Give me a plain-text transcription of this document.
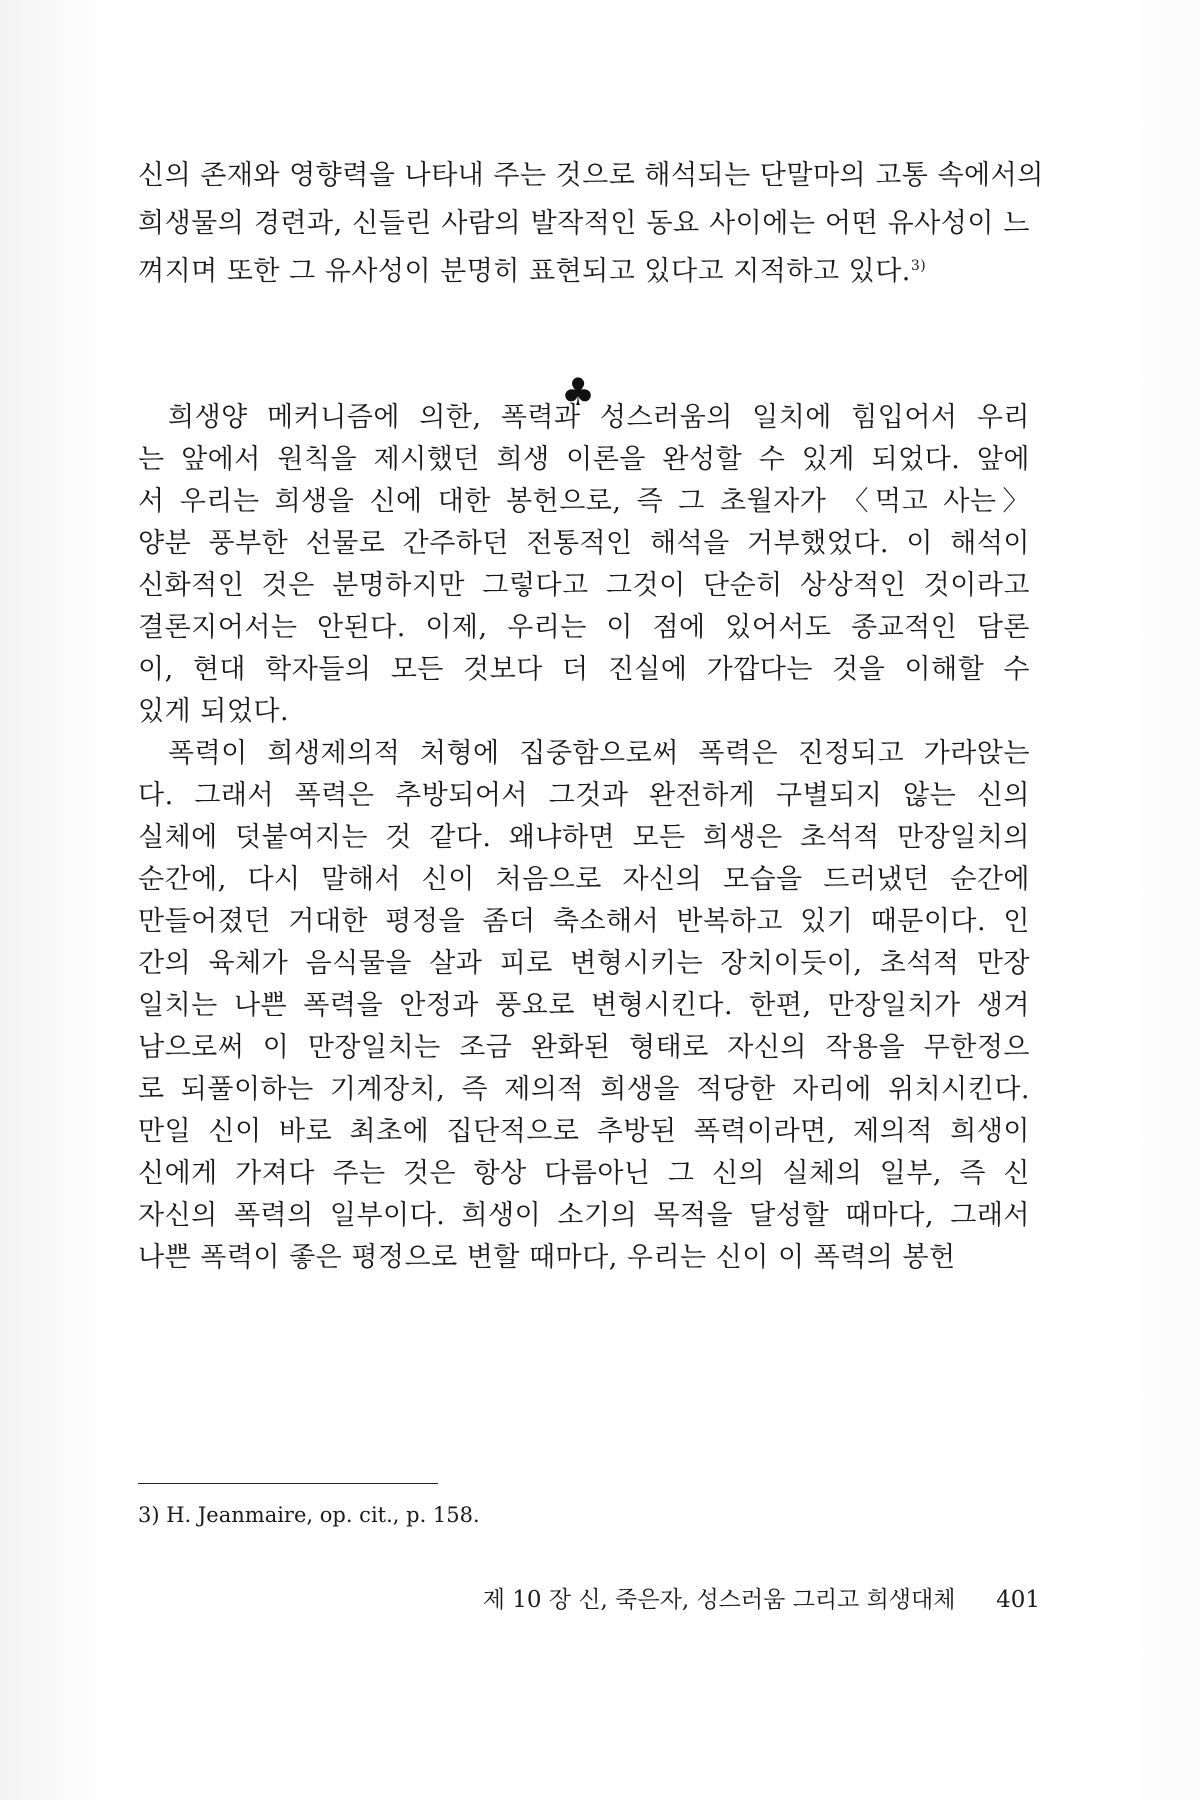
신의 존재와 영향력을 나타내 주는 것으로 해석되는 단말마의 고통 속에서의
희생물의 경련과, 신들린 사람의 발작적인 동요 사이에는 어떤 유사성이 느
껴지며 또한 그 유사성이 분명히 표현되고 있다고 지적하고 있다.$^{3)}$
♣
희생양 메커니즘에 의한, 폭력과 성스러움의 일치에 힘입어서 우리
는 앞에서 원칙을 제시했던 희생 이론을 완성할 수 있게 되었다. 앞에
서 우리는 희생을 신에 대한 봉헌으로, 즉 그 초월자가 〈먹고 사는〉
양분 풍부한 선물로 간주하던 전통적인 해석을 거부했었다. 이 해석이
신화적인 것은 분명하지만 그렇다고 그것이 단순히 상상적인 것이라고
결론지어서는 안된다. 이제, 우리는 이 점에 있어서도 종교적인 담론
이, 현대 학자들의 모든 것보다 더 진실에 가깝다는 것을 이해할 수
있게 되었다.
폭력이 희생제의적 처형에 집중함으로써 폭력은 진정되고 가라앉는
다. 그래서 폭력은 추방되어서 그것과 완전하게 구별되지 않는 신의
실체에 덧붙여지는 것 같다. 왜냐하면 모든 희생은 초석적 만장일치의
순간에, 다시 말해서 신이 처음으로 자신의 모습을 드러냈던 순간에
만들어졌던 거대한 평정을 좀더 축소해서 반복하고 있기 때문이다. 인
간의 육체가 음식물을 살과 피로 변형시키는 장치이듯이, 초석적 만장
일치는 나쁜 폭력을 안정과 풍요로 변형시킨다. 한편, 만장일치가 생겨
남으로써 이 만장일치는 조금 완화된 형태로 자신의 작용을 무한정으
로 되풀이하는 기계장치, 즉 제의적 희생을 적당한 자리에 위치시킨다.
만일 신이 바로 최초에 집단적으로 추방된 폭력이라면, 제의적 희생이
신에게 가져다 주는 것은 항상 다름아닌 그 신의 실체의 일부, 즉 신
자신의 폭력의 일부이다. 희생이 소기의 목적을 달성할 때마다, 그래서
나쁜 폭력이 좋은 평정으로 변할 때마다, 우리는 신이 이 폭력의 봉헌
3) H. Jeanmaire, op. cit., p. 158.
제 10 장 신, 죽은자, 성스러움 그리고 희생대체 401
